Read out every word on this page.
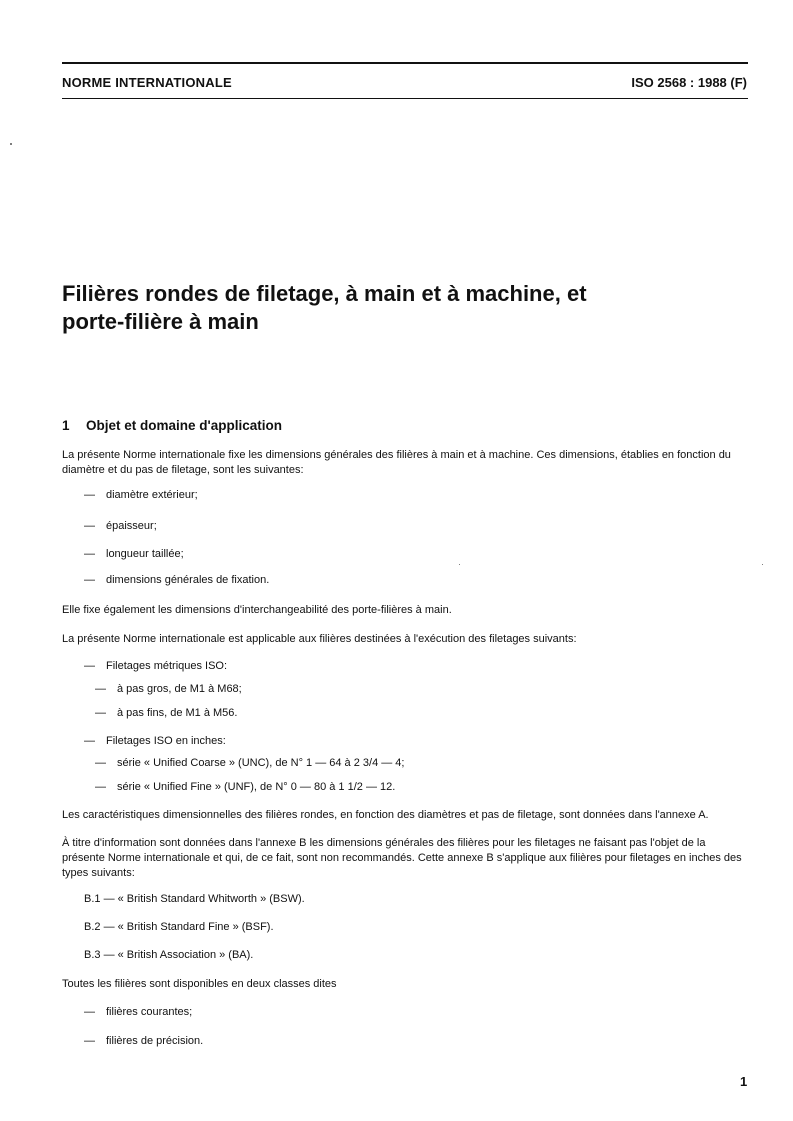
NORME INTERNATIONALE	ISO 2568 : 1988 (F)
Filières rondes de filetage, à main et à machine, et
porte-filière à main
1 Objet et domaine d'application
La présente Norme internationale fixe les dimensions générales des filières à main et à machine. Ces dimensions, établies en fonction du diamètre et du pas de filetage, sont les suivantes:
— diamètre extérieur;
— épaisseur;
— longueur taillée;
— dimensions générales de fixation.
Elle fixe également les dimensions d'interchangeabilité des porte-filières à main.
La présente Norme internationale est applicable aux filières destinées à l'exécution des filetages suivants:
— Filetages métriques ISO:
— à pas gros, de M1 à M68;
— à pas fins, de M1 à M56.
— Filetages ISO en inches:
— série « Unified Coarse » (UNC), de N° 1 — 64 à 2 3/4 — 4;
— série « Unified Fine » (UNF), de N° 0 — 80 à 1 1/2 — 12.
Les caractéristiques dimensionnelles des filières rondes, en fonction des diamètres et pas de filetage, sont données dans l'annexe A.
À titre d'information sont données dans l'annexe B les dimensions générales des filières pour les filetages ne faisant pas l'objet de la présente Norme internationale et qui, de ce fait, sont non recommandés. Cette annexe B s'applique aux filières pour filetages en inches des types suivants:
B.1 — « British Standard Whitworth » (BSW).
B.2 — « British Standard Fine » (BSF).
B.3 — « British Association » (BA).
Toutes les filières sont disponibles en deux classes dites
— filières courantes;
— filières de précision.
1
